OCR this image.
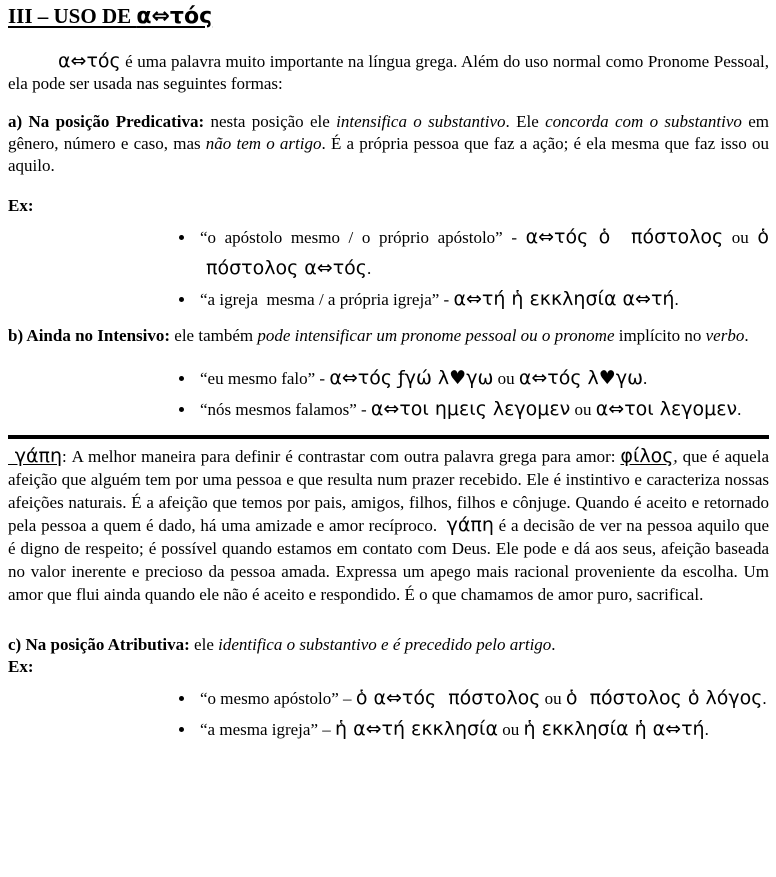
III – USO DE α⇔τός
α⇔τός é uma palavra muito importante na língua grega. Além do uso normal como Pronome Pessoal, ela pode ser usada nas seguintes formas:
a) Na posição Predicativa: nesta posição ele intensifica o substantivo. Ele concorda com o substantivo em gênero, número e caso, mas não tem o artigo. É a própria pessoa que faz a ação; é ela mesma que faz isso ou aquilo.
Ex:
• “o apóstolo mesmo / o próprio apóstolo” - α⇔τός ὁ  πόστολος ou ὁ  πόστολος α⇔τός.
• “a igreja  mesma / a própria igreja” - α⇔τή ἡ εκκλησία α⇔τή.
b) Ainda no Intensivo: ele também pode intensificar um pronome pessoal ou o pronome implícito no verbo.
• “eu mesmo falo” - α⇔τός ƒγώ λ♥γω ou α⇔τός λ♥γω.
• “nós mesmos falamos” - α⇔τοι ημεις λεγομεν ou α⇔τοι λεγομεν.
γάπη: A melhor maneira para definir é contrastar com outra palavra grega para amor: φίλος, que é aquela afeição que alguém tem por uma pessoa e que resulta num prazer recebido. Ele é instintivo e caracteriza nossas afeições naturais. É a afeição que temos por pais, amigos, filhos, filhos e cônjuge. Quando é aceito e retornado pela pessoa a quem é dado, há uma amizade e amor recíproco.  γάπη é a decisão de ver na pessoa aquilo que é digno de respeito; é possível quando estamos em contato com Deus. Ele pode e dá aos seus, afeição baseada no valor inerente e precioso da pessoa amada. Expressa um apego mais racional proveniente da escolha. Um amor que flui ainda quando ele não é aceito e respondido. É o que chamamos de amor puro, sacrifical.
c) Na posição Atributiva: ele identifica o substantivo e é precedido pelo artigo.
Ex:
• “o mesmo apóstolo” – ὁ α⇔τός  πόστολος ou ὁ  πόστολος ὁ λόγος.
• “a mesma igreja” – ἡ α⇔τή εκκλησία ou ἡ εκκλησία ἡ α⇔τή.
